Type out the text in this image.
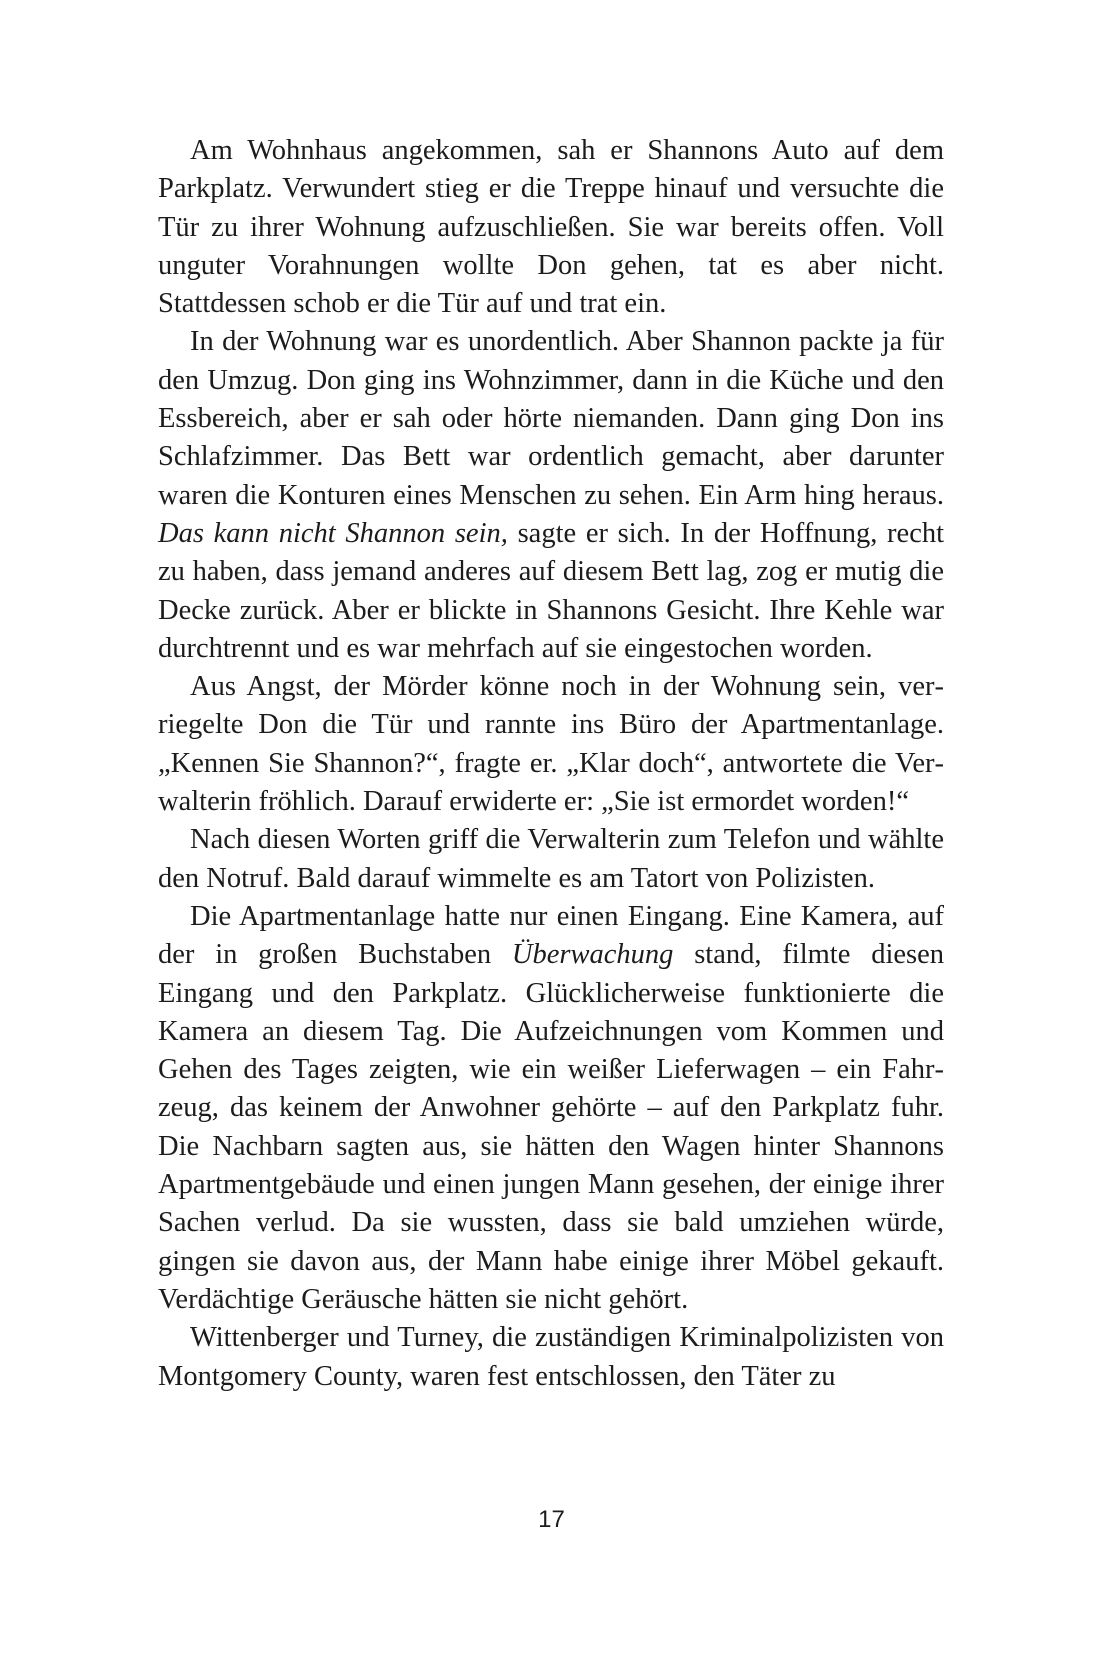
Am Wohnhaus angekommen, sah er Shannons Auto auf dem Parkplatz. Verwundert stieg er die Treppe hinauf und versuchte die Tür zu ihrer Wohnung aufzuschließen. Sie war bereits offen. Voll unguter Vorahnungen wollte Don gehen, tat es aber nicht. Stattdessen schob er die Tür auf und trat ein.

In der Wohnung war es unordentlich. Aber Shannon packte ja für den Umzug. Don ging ins Wohnzimmer, dann in die Küche und den Essbereich, aber er sah oder hörte niemanden. Dann ging Don ins Schlafzimmer. Das Bett war ordentlich gemacht, aber darunter waren die Konturen eines Menschen zu sehen. Ein Arm hing heraus. Das kann nicht Shannon sein, sagte er sich. In der Hoffnung, recht zu haben, dass jemand anderes auf diesem Bett lag, zog er mutig die Decke zurück. Aber er blickte in Shannons Gesicht. Ihre Kehle war durchtrennt und es war mehrfach auf sie eingestochen worden.

Aus Angst, der Mörder könne noch in der Wohnung sein, verriegelte Don die Tür und rannte ins Büro der Apartmentanlage. „Kennen Sie Shannon?“, fragte er. „Klar doch“, antwortete die Verwalterin fröhlich. Darauf erwiderte er: „Sie ist ermordet worden!“

Nach diesen Worten griff die Verwalterin zum Telefon und wählte den Notruf. Bald darauf wimmelte es am Tatort von Polizisten.

Die Apartmentanlage hatte nur einen Eingang. Eine Kamera, auf der in großen Buchstaben Überwachung stand, filmte diesen Eingang und den Parkplatz. Glücklicherweise funktionierte die Kamera an diesem Tag. Die Aufzeichnungen vom Kommen und Gehen des Tages zeigten, wie ein weißer Lieferwagen – ein Fahrzeug, das keinem der Anwohner gehörte – auf den Parkplatz fuhr. Die Nachbarn sagten aus, sie hätten den Wagen hinter Shannons Apartmentgebäude und einen jungen Mann gesehen, der einige ihrer Sachen verlud. Da sie wussten, dass sie bald umziehen würde, gingen sie davon aus, der Mann habe einige ihrer Möbel gekauft. Verdächtige Geräusche hätten sie nicht gehört.

Wittenberger und Turney, die zuständigen Kriminalpolizisten von Montgomery County, waren fest entschlossen, den Täter zu

17
